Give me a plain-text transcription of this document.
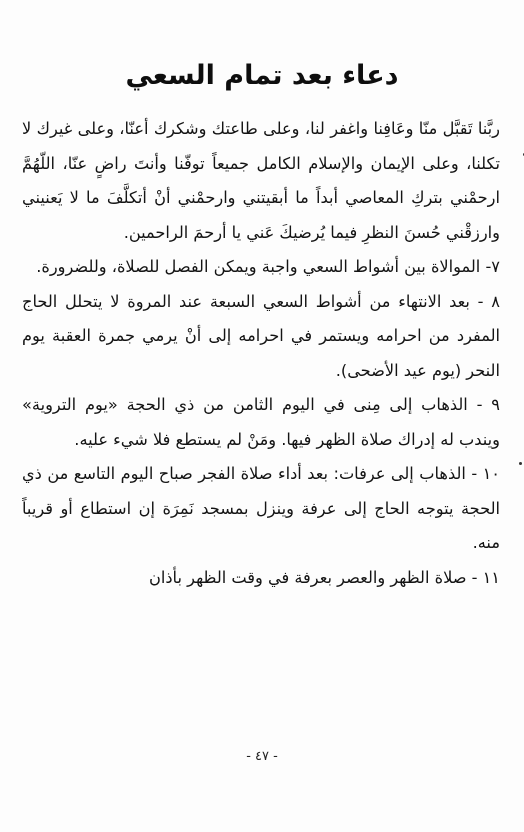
دعاء بعد تمام السعي

ربَّنا تَقبَّل منّا وعَافِنا واغفر لنا، وعلى طاعتك وشكرك أعنّا، وعلى غيرك لا تكلنا، وعلى الإيمان والإسلام الكامل جميعاً توفّنا وأنتَ راضٍ عنّا، اللّهُمَّ ارحمْني بتركِ المعاصي أبداً ما أبقيتني وارحمْني أنْ أتكلَّفَ ما لا يَعنيني وارزقْني حُسنَ النظرِ فيما يُرضيكَ عَني يا أرحمَ الراحمين.

٧- الموالاة بين أشواط السعي واجبة ويمكن الفصل للصلاة، وللضرورة.

٨ - بعد الانتهاء من أشواط السعي السبعة عند المروة لا يتحلل الحاج المفرد من احرامه ويستمر في احرامه إلى أنْ يرمي جمرة العقبة يوم النحر (يوم عيد الأضحى).

٩ - الذهاب إلى مِنى في اليوم الثامن من ذي الحجة «يوم التروية» ويندب له إدراك صلاة الظهر فيها. ومَنْ لم يستطع فلا شيء عليه.

١٠ - الذهاب إلى عرفات: بعد أداء صلاة الفجر صباح اليوم التاسع من ذي الحجة يتوجه الحاج إلى عرفة وينزل بمسجد نَمِرَة إن استطاع أو قريباً منه.

١١ - صلاة الظهر والعصر بعرفة في وقت الظهر بأذان

- ٤٧ -
